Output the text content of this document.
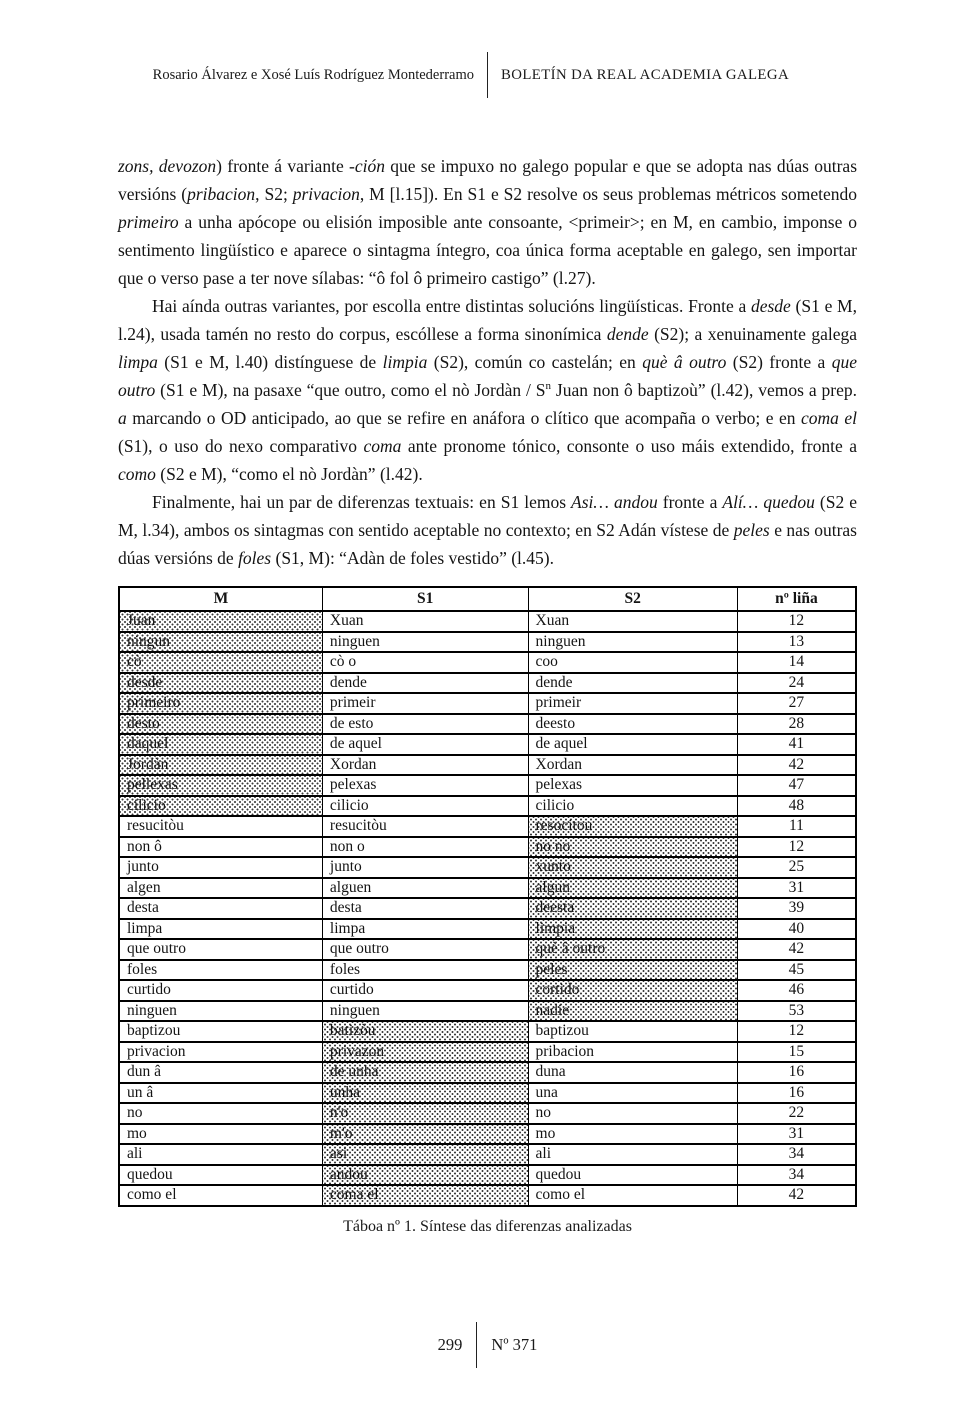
Rosario Álvarez e Xosé Luís Rodríguez Montederramo BOLETÍN DA REAL ACADEMIA GALEGA

zons, devozon) fronte á variante -ción que se impuxo no galego popular e que se adopta nas dúas outras versións (pribacion, S2; privacion, M [l.15]). En S1 e S2 resolve os seus problemas métricos sometendo primeiro a unha apócope ou elisión imposible ante consoante, <primeir>; en M, en cambio, imponse o sentimento lingüístico e aparece o sintagma íntegro, coa única forma aceptable en galego, sen importar que o verso pase a ter nove sílabas: “ô fol ô primeiro castigo” (l.27).

Hai aínda outras variantes, por escolla entre distintas solucións lingüísticas. Fronte a desde (S1 e M, l.24), usada tamén no resto do corpus, escóllese a forma sinonímica dende (S2); a xenuinamente galega limpa (S1 e M, l.40) distínguese de limpia (S2), común co castelán; en què â outro (S2) fronte a que outro (S1 e M), na pasaxe “que outro, como el nò Jordàn / $S^n$ Juan non ô baptizoù” (l.42), vemos a prep. a marcando o OD anticipado, ao que se refire en anáfora o clítico que acompaña o verbo; e en coma el (S1), o uso do nexo comparativo coma ante pronome tónico, consonte o uso máis extendido, fronte a como (S2 e M), “como el nò Jordàn” (l.42).

Finalmente, hai un par de diferenzas textuais: en S1 lemos Asi… andou fronte a Alí… quedou (S2 e M, l.34), ambos os sintagmas con sentido aceptable no contexto; en S2 Adán vístese de peles e nas outras dúas versións de foles (S1, M): “Adàn de foles vestido” (l.45).

M	S1	S2	nº liña
Juan	Xuan	Xuan	12
ningun	ninguen	ninguen	13
cò	cò o	coo	14
desde	dende	dende	24
primeiro	primeir	primeir	27
desto	de esto	deesto	28
daquel	de aquel	de aquel	41
Jordàn	Xordan	Xordan	42
pellexas	pelexas	pelexas	47
cilicio	cilicio	cilicio	48
resucitòu	resucitòu	resocitou	11
non ô	non o	no no	12
junto	junto	xunto	25
algen	alguen	algun	31
desta	desta	deesta	39
limpa	limpa	limpia	40
que outro	que outro	què â outro	42
foles	foles	peles	45
curtido	curtido	cortido	46
ninguen	ninguen	nadie	53
baptizou	batizòu	baptizou	12
privacion	privazon	pribacion	15
dun â	de unha	duna	16
un â	unha	una	16
no	n'o	no	22
mo	m'o	mo	31
ali	asi	ali	34
quedou	andou	quedou	34
como el	coma el	como el	42
Táboa nº 1. Síntese das diferenzas analizadas
299 Nº 371
